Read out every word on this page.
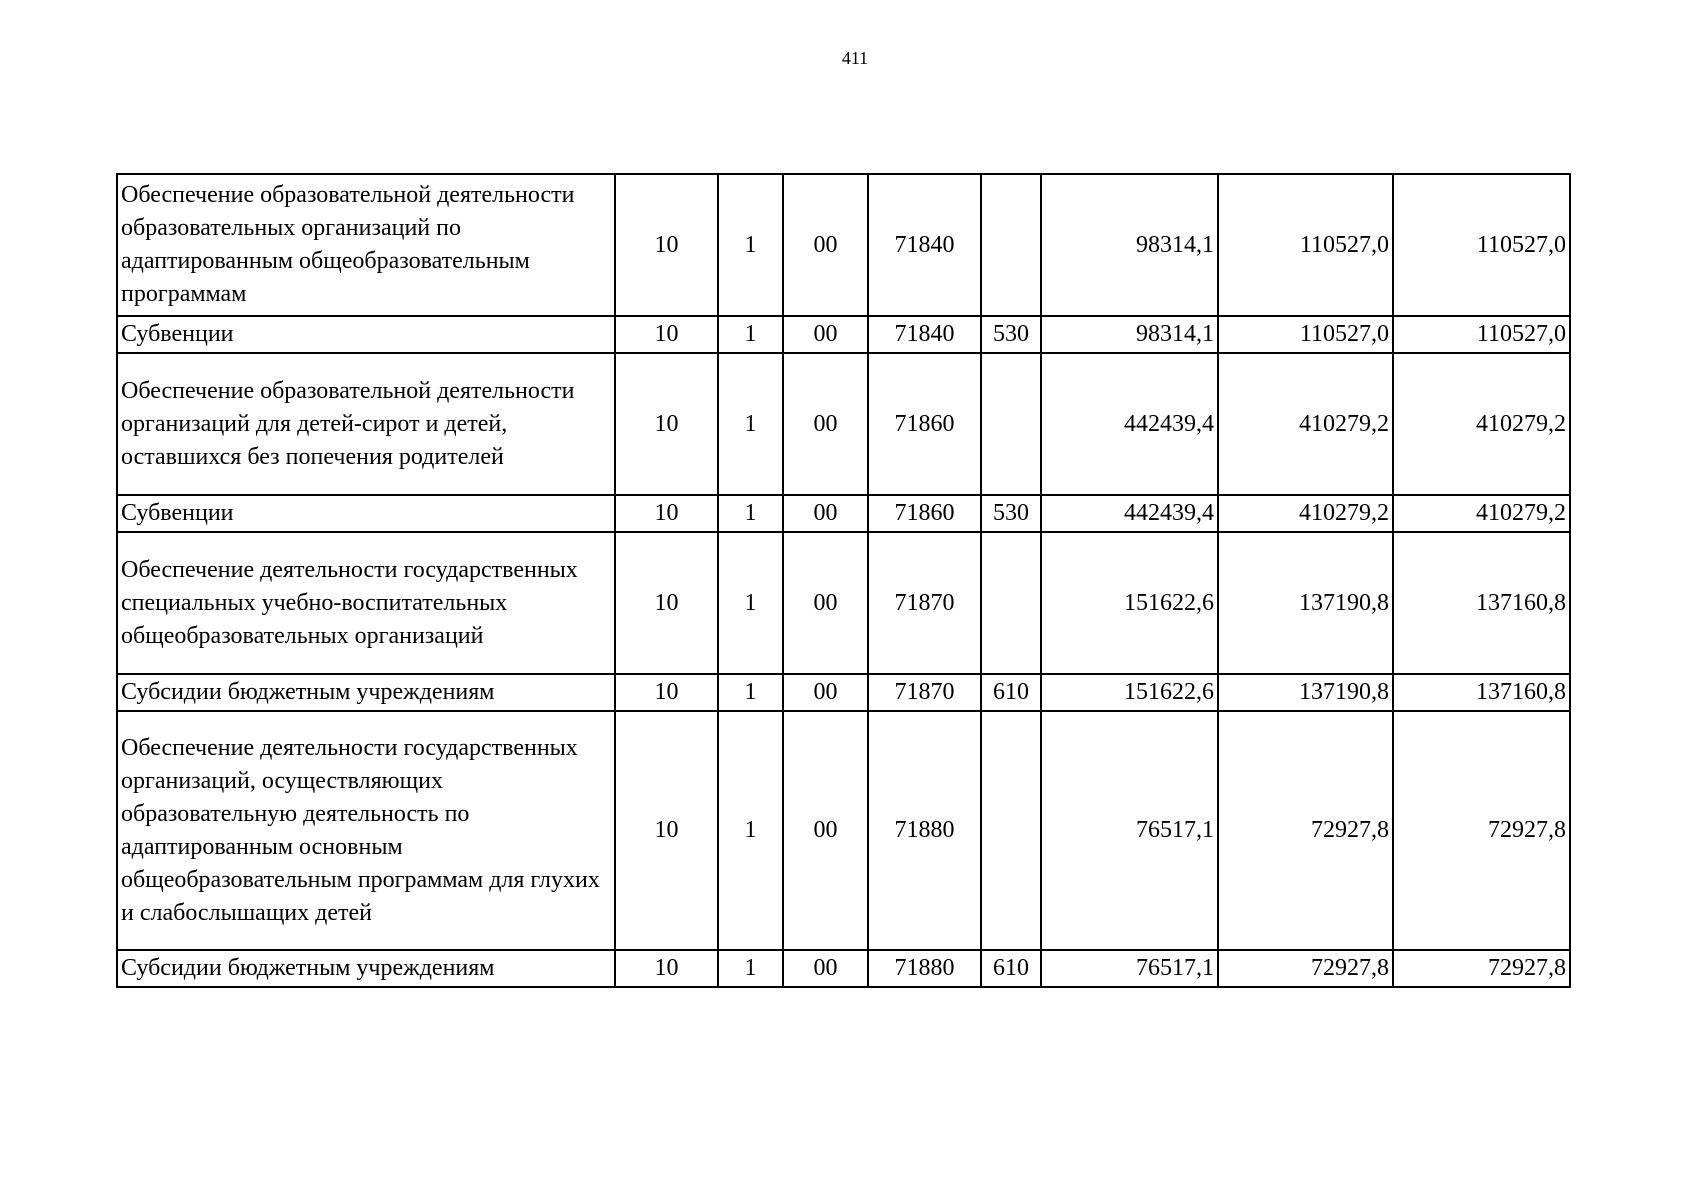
411
Обеспечение образовательной деятельности образовательных организаций по адаптированным общеобразовательным программам	10	1	00	71840		98314,1	110527,0	110527,0
Субвенции	10	1	00	71840	530	98314,1	110527,0	110527,0
Обеспечение образовательной деятельности организаций для детей-сирот и детей, оставшихся без попечения родителей	10	1	00	71860		442439,4	410279,2	410279,2
Субвенции	10	1	00	71860	530	442439,4	410279,2	410279,2
Обеспечение деятельности государственных специальных учебно-воспитательных общеобразовательных организаций	10	1	00	71870		151622,6	137190,8	137160,8
Субсидии бюджетным учреждениям	10	1	00	71870	610	151622,6	137190,8	137160,8
Обеспечение деятельности государственных организаций, осуществляющих образовательную деятельность по адаптированным основным общеобразовательным программам для глухих и слабослышащих детей	10	1	00	71880		76517,1	72927,8	72927,8
Субсидии бюджетным учреждениям	10	1	00	71880	610	76517,1	72927,8	72927,8
